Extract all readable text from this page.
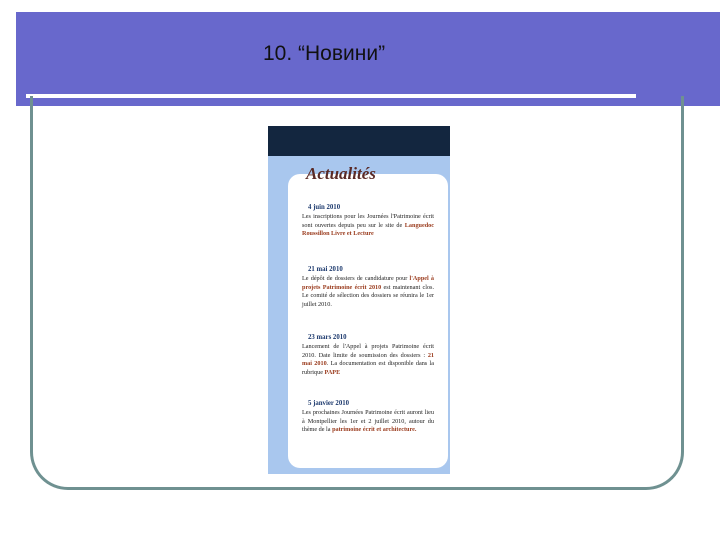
10. “Новини”
Actualités
4 juin 2010

Les inscriptions pour les Journées l'Patrimoine écrit sont ouvertes depuis peu sur le site de Languedoc Roussillon Livre et Lecture

21 mai 2010

Le dépôt de dossiers de candidature pour l'Appel à projets Patrimoine écrit 2010 est maintenant clos. Le comité de sélection des dossiers se réunira le 1er juillet 2010.

23 mars 2010

Lancement de l'Appel à projets Patrimoine écrit 2010. Date limite de soumission des dossiers : 21 mai 2010. La documentation est disponible dans la rubrique PAPE

5 janvier 2010

Les prochaines Journées Patrimoine écrit auront lieu à Montpellier les 1er et 2 juillet 2010, autour du thème de la patrimoine écrit et architecture.
